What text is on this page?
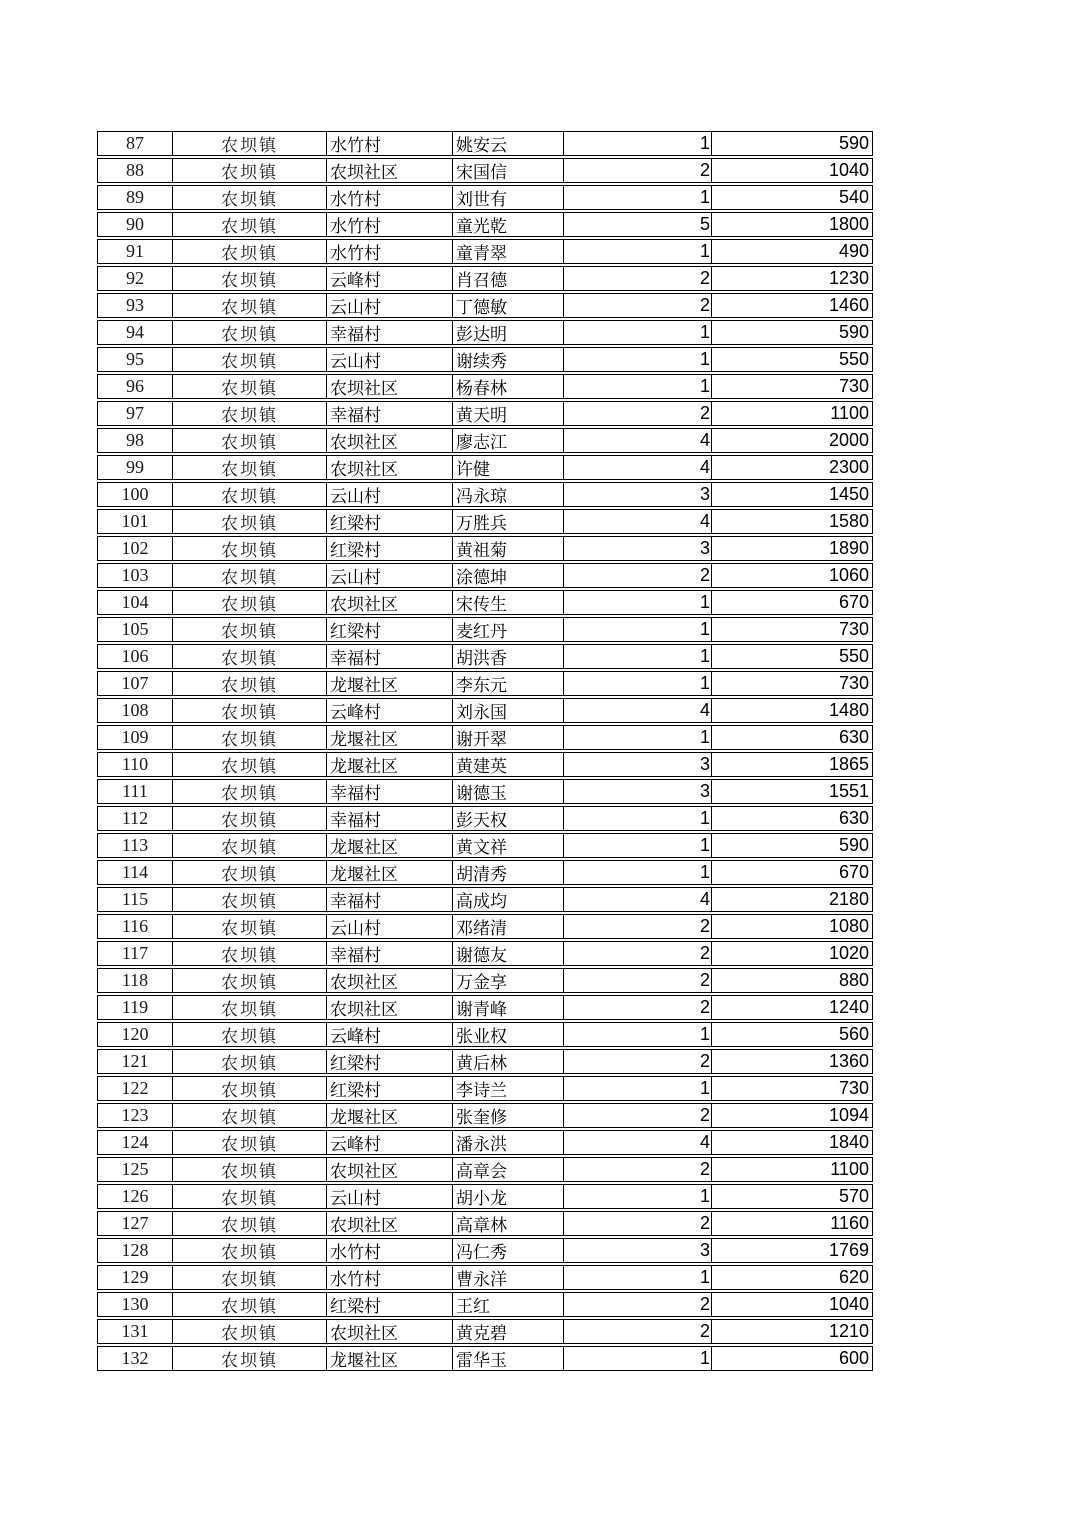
87	农坝镇	水竹村	姚安云	1	590
88	农坝镇	农坝社区	宋国信	2	1040
89	农坝镇	水竹村	刘世有	1	540
90	农坝镇	水竹村	童光乾	5	1800
91	农坝镇	水竹村	童青翠	1	490
92	农坝镇	云峰村	肖召德	2	1230
93	农坝镇	云山村	丁德敏	2	1460
94	农坝镇	幸福村	彭达明	1	590
95	农坝镇	云山村	谢续秀	1	550
96	农坝镇	农坝社区	杨春林	1	730
97	农坝镇	幸福村	黄天明	2	1100
98	农坝镇	农坝社区	廖志江	4	2000
99	农坝镇	农坝社区	许健	4	2300
100	农坝镇	云山村	冯永琼	3	1450
101	农坝镇	红梁村	万胜兵	4	1580
102	农坝镇	红梁村	黄祖菊	3	1890
103	农坝镇	云山村	涂德坤	2	1060
104	农坝镇	农坝社区	宋传生	1	670
105	农坝镇	红梁村	麦红丹	1	730
106	农坝镇	幸福村	胡洪香	1	550
107	农坝镇	龙堰社区	李东元	1	730
108	农坝镇	云峰村	刘永国	4	1480
109	农坝镇	龙堰社区	谢开翠	1	630
110	农坝镇	龙堰社区	黄建英	3	1865
111	农坝镇	幸福村	谢德玉	3	1551
112	农坝镇	幸福村	彭天权	1	630
113	农坝镇	龙堰社区	黄文祥	1	590
114	农坝镇	龙堰社区	胡清秀	1	670
115	农坝镇	幸福村	高成均	4	2180
116	农坝镇	云山村	邓绪清	2	1080
117	农坝镇	幸福村	谢德友	2	1020
118	农坝镇	农坝社区	万金享	2	880
119	农坝镇	农坝社区	谢青峰	2	1240
120	农坝镇	云峰村	张业权	1	560
121	农坝镇	红梁村	黄后林	2	1360
122	农坝镇	红梁村	李诗兰	1	730
123	农坝镇	龙堰社区	张奎修	2	1094
124	农坝镇	云峰村	潘永洪	4	1840
125	农坝镇	农坝社区	高章会	2	1100
126	农坝镇	云山村	胡小龙	1	570
127	农坝镇	农坝社区	高章林	2	1160
128	农坝镇	水竹村	冯仁秀	3	1769
129	农坝镇	水竹村	曹永洋	1	620
130	农坝镇	红梁村	王红	2	1040
131	农坝镇	农坝社区	黄克碧	2	1210
132	农坝镇	龙堰社区	雷华玉	1	600
